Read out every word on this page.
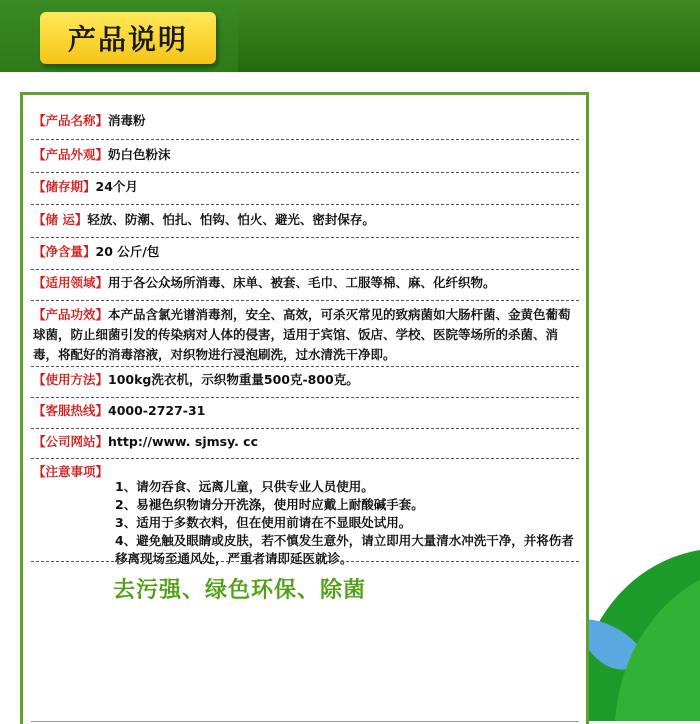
产品说明
【产品名称】消毒粉
【产品外观】奶白色粉沫
【储存期】24个月
【储 运】轻放、防潮、怕扎、怕钩、怕火、避光、密封保存。
【净含量】20 公斤/包
【适用领域】用于各公众场所消毒、床单、被套、毛巾、工服等棉、麻、化纤织物。
【产品功效】本产品含氯光谱消毒剂，安全、高效，可杀灭常见的致病菌如大肠杆菌、金黄色葡萄球菌，防止细菌引发的传染病对人体的侵害，适用于宾馆、饭店、学校、医院等场所的杀菌、消毒，将配好的消毒溶液，对织物进行浸泡刷洗，过水清洗干净即。
【使用方法】100kg洗衣机，示织物重量500克-800克。
【客服热线】4000-2727-31
【公司网站】http://www. sjmsy. cc
【注意事项】
1、请勿吞食、远离儿童，只供专业人员使用。
2、易褪色织物请分开洗涤，使用时应戴上耐酸碱手套。
3、适用于多数衣料，但在使用前请在不显眼处试用。
4、避免触及眼睛或皮肤，若不慎发生意外，请立即用大量清水冲洗干净，并将伤者移离现场至通风处，严重者请即延医就诊。
去污强、绿色环保、除菌
